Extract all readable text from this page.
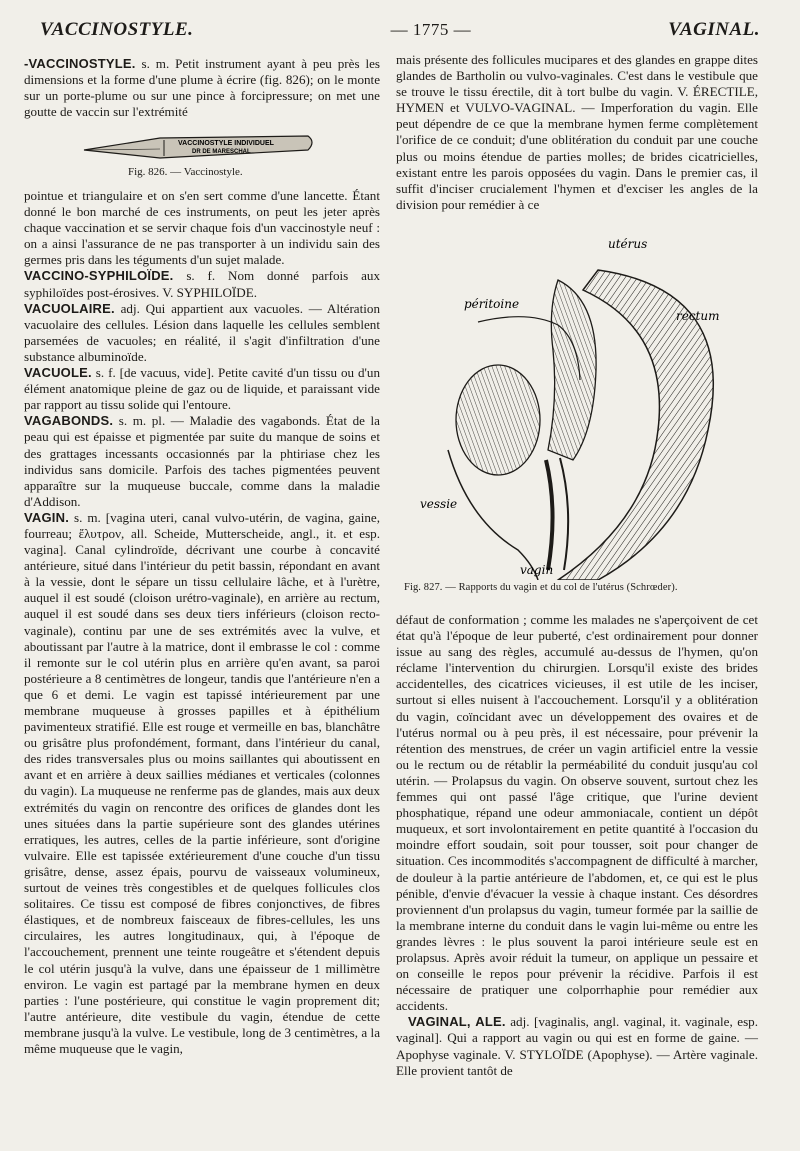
VACCINOSTYLE.	— 1775 —	VAGINAL.

-VACCINOSTYLE. s. m. Petit instrument ayant à peu près les dimensions et la forme d'une plume à écrire (fig. 826); on le monte sur un porte-plume ou sur une pince à forcipressure; on met une goutte de vaccin sur l'extrémité

VACCINOSTYLE INDIVIDUEL
DR DE MARESCHAL
Fig. 826. — Vaccinostyle.

pointue et triangulaire et on s'en sert comme d'une lancette. Étant donné le bon marché de ces instruments, on peut les jeter après chaque vaccination et se servir chaque fois d'un vaccinostyle neuf : on a ainsi l'assurance de ne pas transporter à un individu sain des germes pris dans les téguments d'un sujet malade.

VACCINO-SYPHILOÏDE. s. f. Nom donné parfois aux syphiloïdes post-érosives. V. SYPHILOÏDE.

VACUOLAIRE. adj. Qui appartient aux vacuoles. — Altération vacuolaire des cellules. Lésion dans laquelle les cellules semblent parsemées de vacuoles; en réalité, il s'agit d'infiltration d'une substance albuminoïde.

VACUOLE. s. f. [de vacuus, vide]. Petite cavité d'un tissu ou d'un élément anatomique pleine de gaz ou de liquide, et paraissant vide par rapport au tissu solide qui l'entoure.

VAGABONDS. s. m. pl. — Maladie des vagabonds. État de la peau qui est épaisse et pigmentée par suite du manque de soins et des grattages incessants occasionnés par la phtiriase chez les individus sans domicile. Parfois des taches pigmentées peuvent apparaître sur la muqueuse buccale, comme dans la maladie d'Addison.

VAGIN. s. m. [vagina uteri, canal vulvo-utérin, de vagina, gaine, fourreau; ἔλυτρον, all. Scheide, Mutterscheide, angl., it. et esp. vagina]. Canal cylindroïde, décrivant une courbe à concavité antérieure, situé dans l'intérieur du petit bassin, répondant en avant à la vessie, dont le sépare un tissu cellulaire lâche, et à l'urètre, auquel il est soudé (cloison urétro-vaginale), en arrière au rectum, auquel il est soudé dans ses deux tiers inférieurs (cloison recto-vaginale), continu par une de ses extrémités avec la vulve, et aboutissant par l'autre à la matrice, dont il embrasse le col : comme il remonte sur le col utérin plus en arrière qu'en avant, sa paroi postérieure a 8 centimètres de longeur, tandis que l'antérieure n'en a que 6 et demi. Le vagin est tapissé intérieurement par une membrane muqueuse à grosses papilles et à épithélium pavimenteux stratifié. Elle est rouge et vermeille en bas, blanchâtre ou grisâtre plus profondément, formant, dans l'intérieur du canal, des rides transversales plus ou moins saillantes qui aboutissent en avant et en arrière à deux saillies médianes et verticales (colonnes du vagin). La muqueuse ne renferme pas de glandes, mais aux deux extrémités du vagin on rencontre des orifices de glandes dont les unes situées dans la partie supérieure sont des glandes utérines erratiques, les autres, celles de la partie inférieure, sont d'origine vulvaire. Elle est tapissée extérieurement d'une couche d'un tissu grisâtre, dense, assez épais, pourvu de vaisseaux volumineux, surtout de veines très congestibles et de quelques follicules clos solitaires. Ce tissu est composé de fibres conjonctives, de fibres élastiques, et de nombreux faisceaux de fibres-cellules, les uns circulaires, les autres longitudinaux, qui, à l'époque de l'accouchement, prennent une teinte rougeâtre et s'étendent depuis le col utérin jusqu'à la vulve, dans une épaisseur de 1 millimètre environ. Le vagin est partagé par la membrane hymen en deux parties : l'une postérieure, qui constitue le vagin proprement dit; l'autre antérieure, dite vestibule du vagin, étendue de cette membrane jusqu'à la vulve. Le vestibule, long de 3 centimètres, a la même muqueuse que le vagin,

mais présente des follicules mucipares et des glandes en grappe dites glandes de Bartholin ou vulvo-vaginales. C'est dans le vestibule que se trouve le tissu érectile, dit à tort bulbe du vagin. V. ÉRECTILE, HYMEN et VULVO-VAGINAL. — Imperforation du vagin. Elle peut dépendre de ce que la membrane hymen ferme complètement l'orifice de ce conduit; d'une oblitération du conduit par une couche plus ou moins étendue de parties molles; de brides cicatricielles, existant entre les parois opposées du vagin. Dans le premier cas, il suffit d'inciser crucialement l'hymen et d'exciser les angles de la division pour remédier à ce

utérus
péritoine
rectum
vessie
vagin
Fig. 827. — Rapports du vagin et du col de l'utérus (Schrœder).

défaut de conformation ; comme les malades ne s'aperçoivent de cet état qu'à l'époque de leur puberté, c'est ordinairement pour donner issue au sang des règles, accumulé au-dessus de l'hymen, qu'on réclame l'intervention du chirurgien. Lorsqu'il existe des brides accidentelles, des cicatrices vicieuses, il est utile de les inciser, surtout si elles nuisent à l'accouchement. Lorsqu'il y a oblitération du vagin, coïncidant avec un développement des ovaires et de l'utérus normal ou à peu près, il est nécessaire, pour prévenir la rétention des menstrues, de créer un vagin artificiel entre la vessie ou le rectum ou de rétablir la perméabilité du conduit jusqu'au col utérin. — Prolapsus du vagin. On observe souvent, surtout chez les femmes qui ont passé l'âge critique, que l'urine devient phosphatique, répand une odeur ammoniacale, contient un dépôt muqueux, et sort involontairement en petite quantité à l'occasion du moindre effort soudain, soit pour tousser, soit pour changer de situation. Ces incommodités s'accompagnent de difficulté à marcher, de douleur à la partie antérieure de l'abdomen, et, ce qui est le plus pénible, d'envie d'évacuer la vessie à chaque instant. Ces désordres proviennent d'un prolapsus du vagin, tumeur formée par la saillie de la membrane interne du conduit dans le vagin lui-même ou entre les grandes lèvres : le plus souvent la paroi intérieure seule est en prolapsus. Après avoir réduit la tumeur, on applique un pessaire et on conseille le repos pour prévenir la récidive. Parfois il est nécessaire de pratiquer une colporrhaphie pour remédier aux accidents.

VAGINAL, ALE. adj. [vaginalis, angl. vaginal, it. vaginale, esp. vaginal]. Qui a rapport au vagin ou qui est en forme de gaine. — Apophyse vaginale. V. STYLOÏDE (Apophyse). — Artère vaginale. Elle provient tantôt de
